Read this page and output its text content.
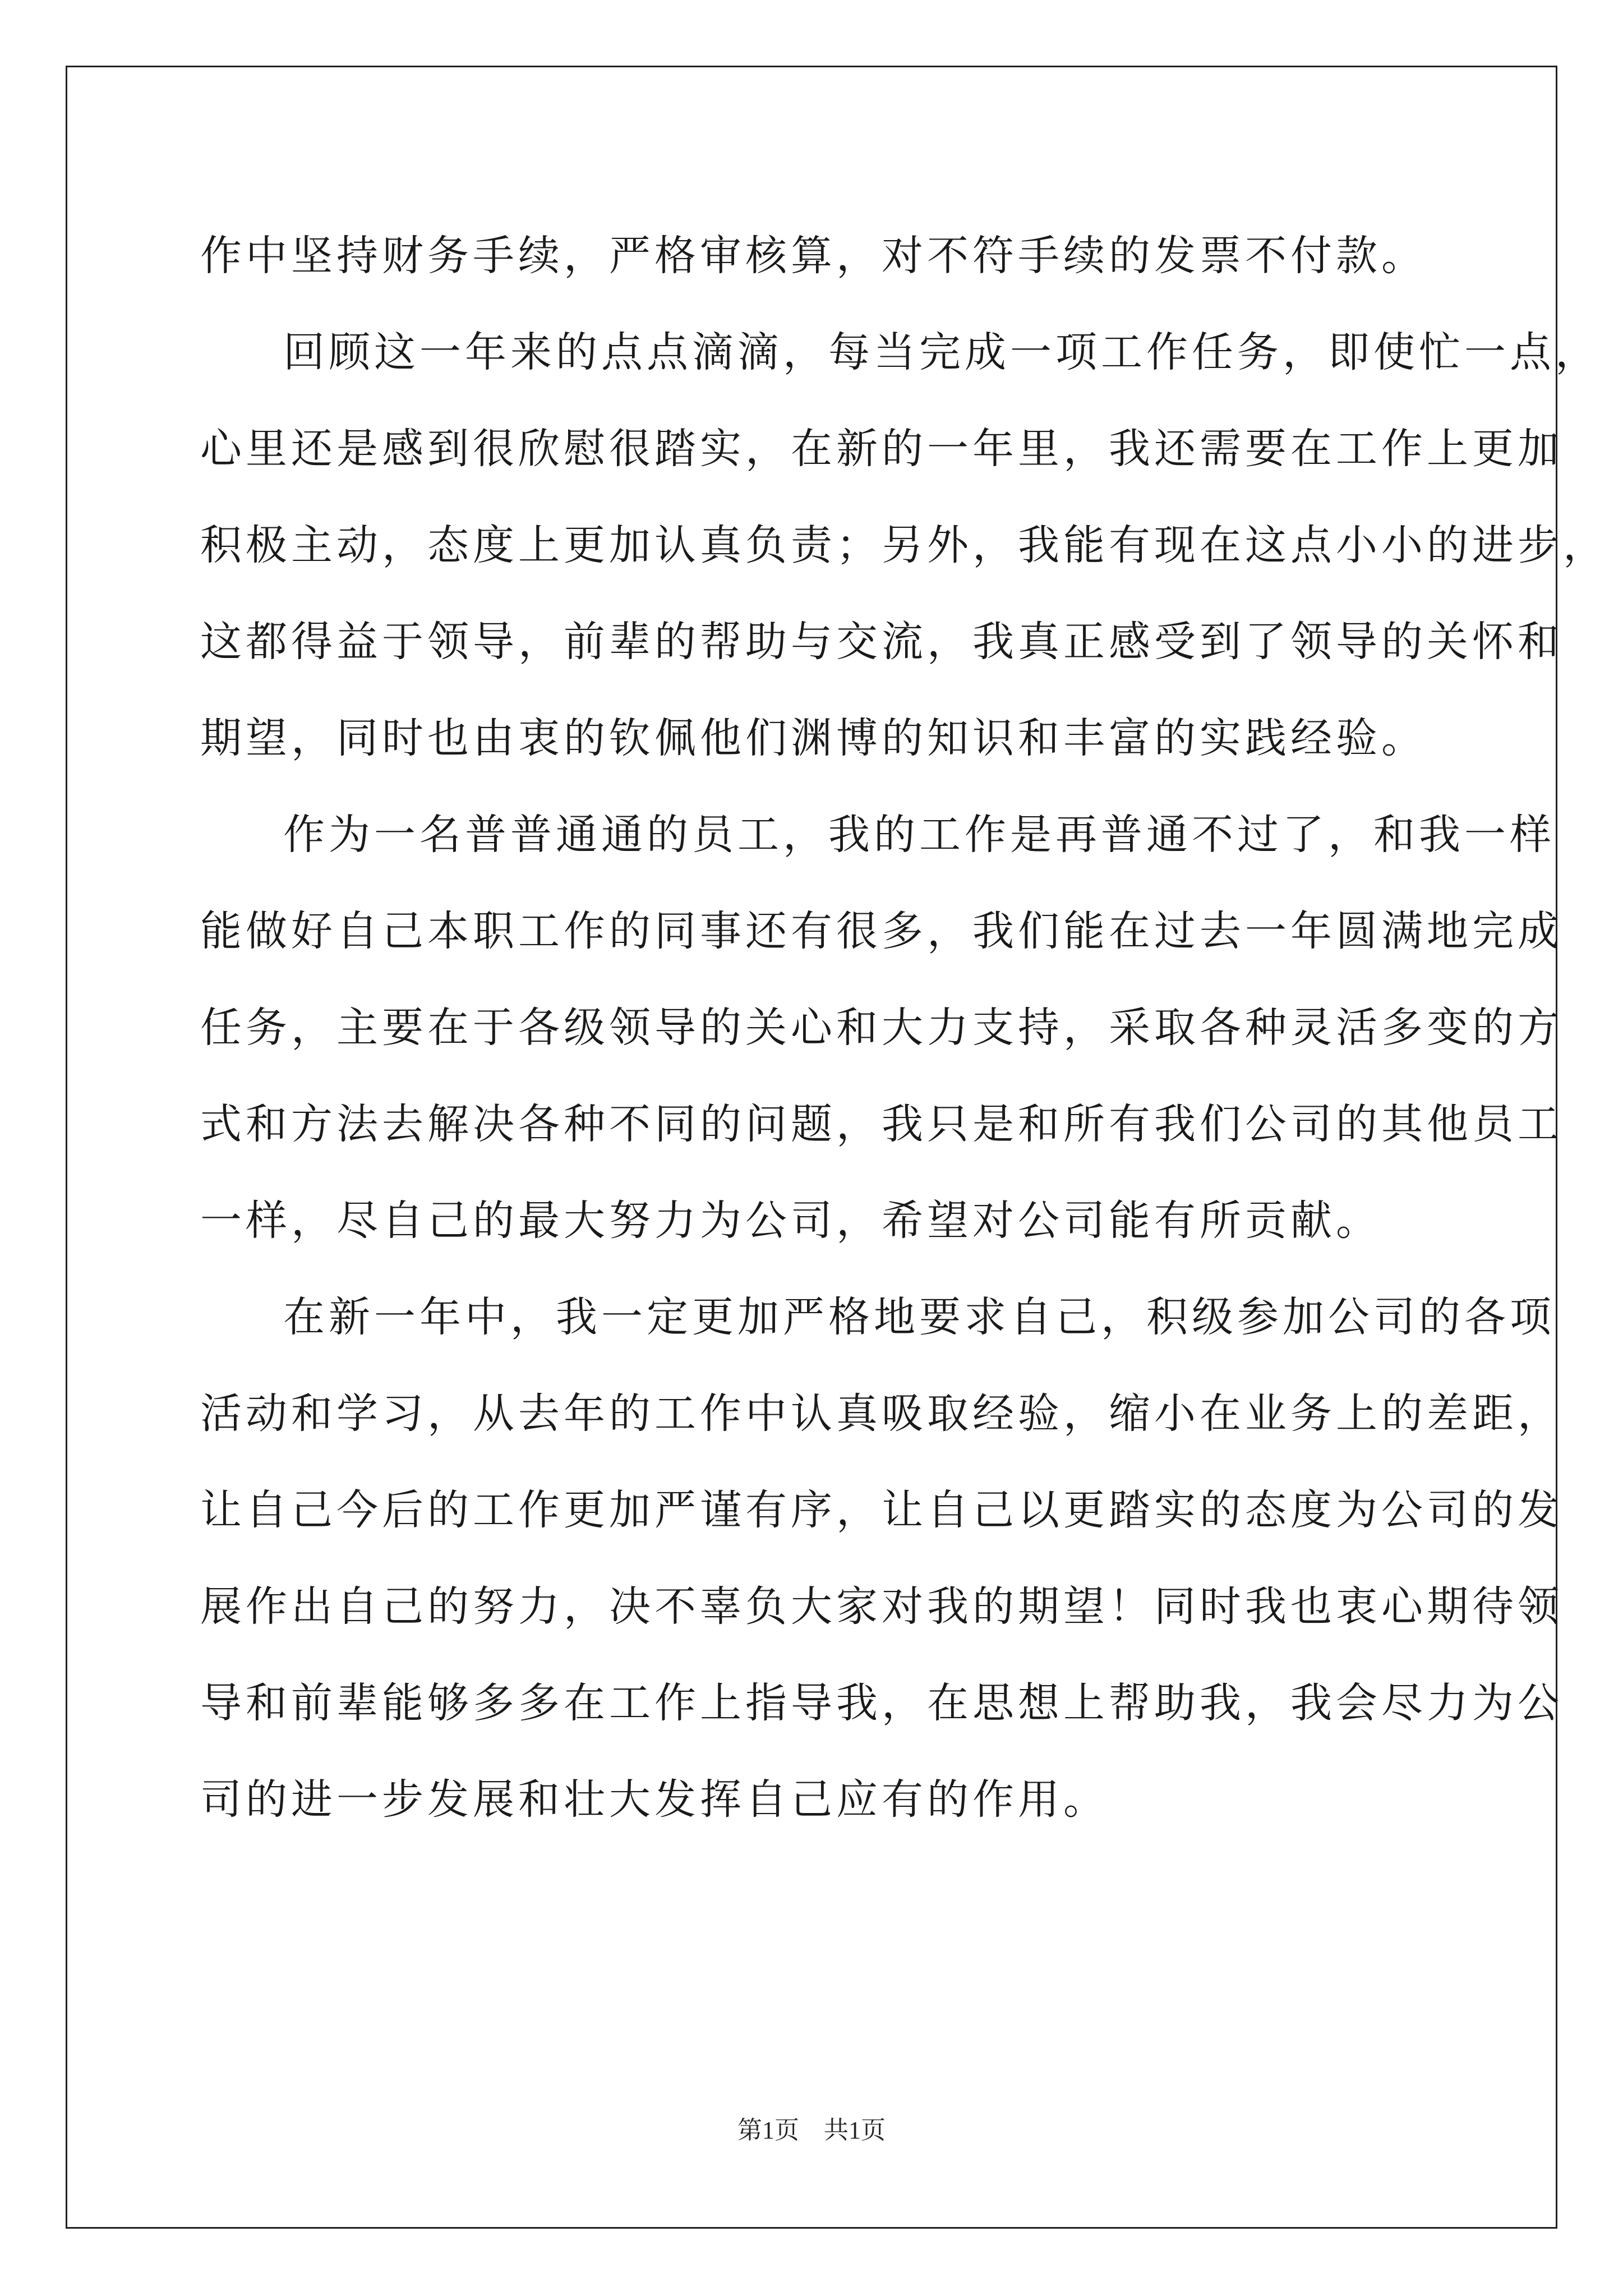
作中坚持财务手续，严格审核算，对不符手续的发票不付款。
回顾这一年来的点点滴滴，每当完成一项工作任务，即使忙一点，
心里还是感到很欣慰很踏实，在新的一年里，我还需要在工作上更加
积极主动，态度上更加认真负责；另外，我能有现在这点小小的进步，
这都得益于领导，前辈的帮助与交流，我真正感受到了领导的关怀和
期望，同时也由衷的钦佩他们渊博的知识和丰富的实践经验。
作为一名普普通通的员工，我的工作是再普通不过了，和我一样
能做好自己本职工作的同事还有很多，我们能在过去一年圆满地完成
任务，主要在于各级领导的关心和大力支持，采取各种灵活多变的方
式和方法去解决各种不同的问题，我只是和所有我们公司的其他员工
一样，尽自己的最大努力为公司，希望对公司能有所贡献。
在新一年中，我一定更加严格地要求自己，积级参加公司的各项
活动和学习，从去年的工作中认真吸取经验，缩小在业务上的差距，
让自己今后的工作更加严谨有序，让自己以更踏实的态度为公司的发
展作出自己的努力，决不辜负大家对我的期望！同时我也衷心期待领
导和前辈能够多多在工作上指导我，在思想上帮助我，我会尽力为公
司的进一步发展和壮大发挥自己应有的作用。
第1页　共1页
